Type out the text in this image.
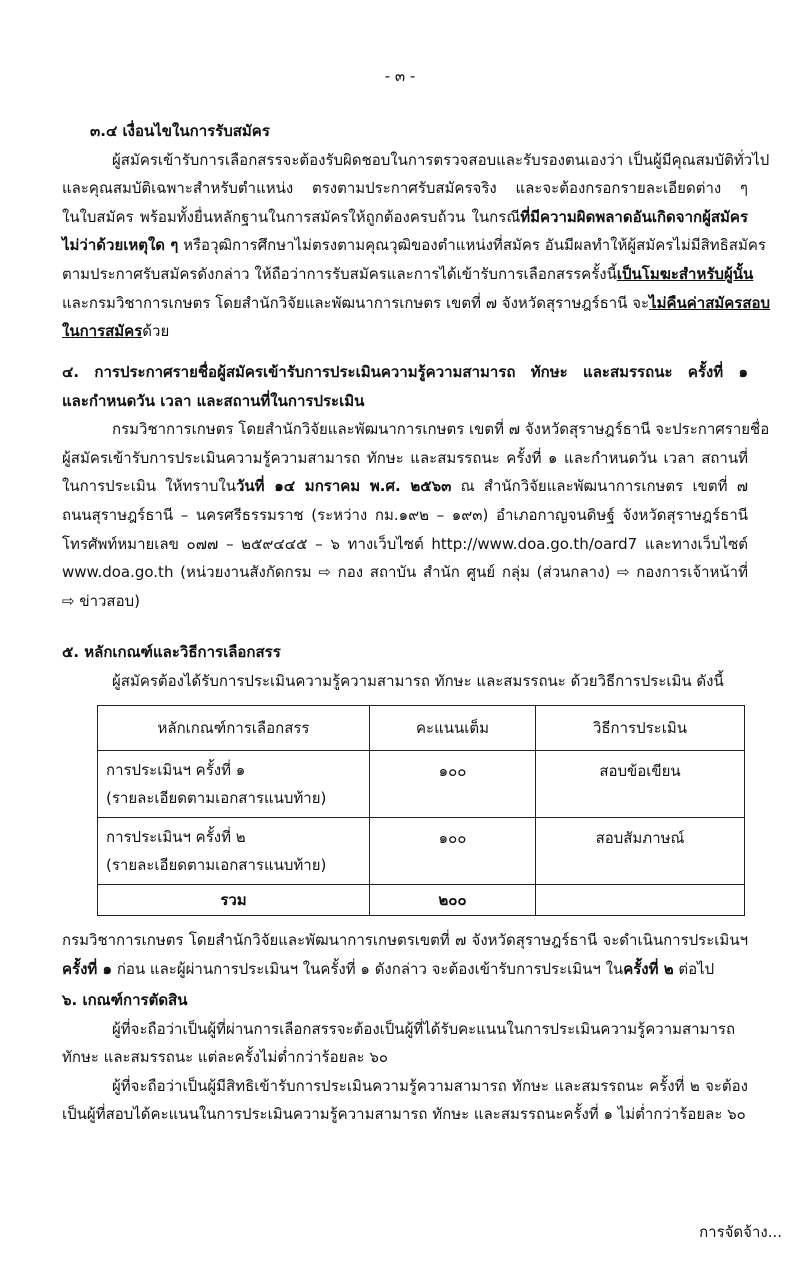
- ๓ -
๓.๔ เงื่อนไขในการรับสมัคร
ผู้สมัครเข้ารับการเลือกสรรจะต้องรับผิดชอบในการตรวจสอบและรับรองตนเองว่า เป็นผู้มีคุณสมบัติทั่วไป
และคุณสมบัติเฉพาะสำหรับตำแหน่ง ตรงตามประกาศรับสมัครจริง และจะต้องกรอกรายละเอียดต่าง ๆ
ในใบสมัคร พร้อมทั้งยื่นหลักฐานในการสมัครให้ถูกต้องครบถ้วน ในกรณีที่มีความผิดพลาดอันเกิดจากผู้สมัคร
ไม่ว่าด้วยเหตุใด ๆ หรือวุฒิการศึกษาไม่ตรงตามคุณวุฒิของตำแหน่งที่สมัคร อันมีผลทำให้ผู้สมัครไม่มีสิทธิสมัคร
ตามประกาศรับสมัครดังกล่าว ให้ถือว่าการรับสมัครและการได้เข้ารับการเลือกสรรครั้งนี้เป็นโมฆะสำหรับผู้นั้น
และกรมวิชาการเกษตร โดยสำนักวิจัยและพัฒนาการเกษตร เขตที่ ๗ จังหวัดสุราษฎร์ธานี จะไม่คืนค่าสมัครสอบ
ในการสมัครด้วย
๔. การประกาศรายชื่อผู้สมัครเข้ารับการประเมินความรู้ความสามารถ ทักษะ และสมรรถนะ ครั้งที่ ๑
และกำหนดวัน เวลา และสถานที่ในการประเมิน
กรมวิชาการเกษตร โดยสำนักวิจัยและพัฒนาการเกษตร เขตที่ ๗ จังหวัดสุราษฎร์ธานี จะประกาศรายชื่อ
ผู้สมัครเข้ารับการประเมินความรู้ความสามารถ ทักษะ และสมรรถนะ ครั้งที่ ๑ และกำหนดวัน เวลา สถานที่
ในการประเมิน ให้ทราบในวันที่ ๑๔ มกราคม พ.ศ. ๒๕๖๓ ณ สำนักวิจัยและพัฒนาการเกษตร เขตที่ ๗
ถนนสุราษฎร์ธานี – นครศรีธรรมราช (ระหว่าง กม.๑๙๒ – ๑๙๓) อำเภอกาญจนดิษฐ์ จังหวัดสุราษฎร์ธานี
โทรศัพท์หมายเลข ๐๗๗ – ๒๕๙๔๔๕ – ๖ ทางเว็บไซต์ http://www.doa.go.th/oard7 และทางเว็บไซต์
www.doa.go.th (หน่วยงานสังกัดกรม ⇨ กอง สถาบัน สำนัก ศูนย์ กลุ่ม (ส่วนกลาง) ⇨ กองการเจ้าหน้าที่
⇨ ข่าวสอบ)
๕. หลักเกณฑ์และวิธีการเลือกสรร
ผู้สมัครต้องได้รับการประเมินความรู้ความสามารถ ทักษะ และสมรรถนะ ด้วยวิธีการประเมิน ดังนี้
หลักเกณฑ์การเลือกสรร	คะแนนเต็ม	วิธีการประเมิน

การประเมินฯ ครั้งที่ ๑
(รายละเอียดตามเอกสารแนบท้าย)	๑๐๐	สอบข้อเขียน

การประเมินฯ ครั้งที่ ๒
(รายละเอียดตามเอกสารแนบท้าย)	๑๐๐	สอบสัมภาษณ์
รวม	๒๐๐	
กรมวิชาการเกษตร โดยสำนักวิจัยและพัฒนาการเกษตรเขตที่ ๗ จังหวัดสุราษฎร์ธานี จะดำเนินการประเมินฯ
ครั้งที่ ๑ ก่อน และผู้ผ่านการประเมินฯ ในครั้งที่ ๑ ดังกล่าว จะต้องเข้ารับการประเมินฯ ในครั้งที่ ๒ ต่อไป
๖. เกณฑ์การตัดสิน
ผู้ที่จะถือว่าเป็นผู้ที่ผ่านการเลือกสรรจะต้องเป็นผู้ที่ได้รับคะแนนในการประเมินความรู้ความสามารถ
ทักษะ และสมรรถนะ แต่ละครั้งไม่ต่ำกว่าร้อยละ ๖๐
ผู้ที่จะถือว่าเป็นผู้มีสิทธิเข้ารับการประเมินความรู้ความสามารถ ทักษะ และสมรรถนะ ครั้งที่ ๒ จะต้อง
เป็นผู้ที่สอบได้คะแนนในการประเมินความรู้ความสามารถ ทักษะ และสมรรถนะครั้งที่ ๑ ไม่ต่ำกว่าร้อยละ ๖๐
การจัดจ้าง...
